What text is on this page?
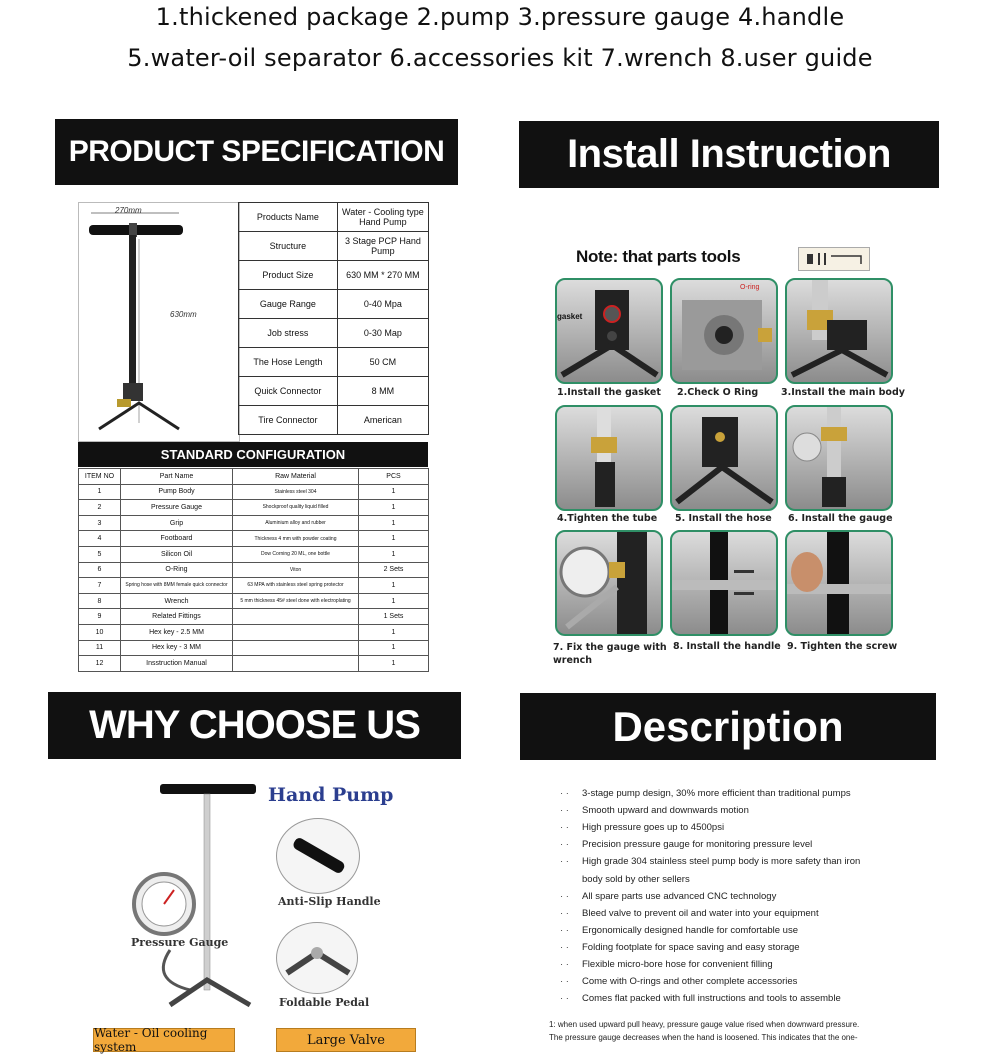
1.thickened package 2.pump 3.pressure gauge 4.handle
5.water-oil separator 6.accessories kit 7.wrench 8.user guide
PRODUCT SPECIFICATION
270mm
630mm
Products Name	Water - Cooling type Hand Pump
Structure	3 Stage PCP Hand Pump
Product Size	630 MM * 270 MM
Gauge Range	0-40 Mpa
Job stress	0-30 Map
The Hose Length	50 CM
Quick Connector	8 MM
Tire Connector	American
STANDARD CONFIGURATION
ITEM NO	Part Name	Raw Material	PCS
1	Pump Body	Stainless steel 304	1
2	Pressure Gauge	Shockproof quality liquid filled	1
3	Grip	Aluminium alloy and rubber	1
4	Footboard	Thickness 4 mm with powder coating	1
5	Silicon Oil	Dow Corning 20 ML, one bottle	1
6	O-Ring	Viton	2 Sets
7	Spring hose with 8MM female quick connector	63 MPA with stainless steel spring protector	1
8	Wrench	5 mm thickness 45# steel done with electroplating	1
9	Related Fittings		1 Sets
10	Hex key - 2.5 MM		1
11	Hex key - 3 MM		1
12	Insstruction Manual		1
Install Instruction
Note: that parts tools
gasket
O-ring
1.Install the gasket 2.Check O Ring 3.Install the main body
4.Tighten the tube 5. Install the hose 6. Install the gauge
7. Fix the gauge with wrench
8. Install the handle 9. Tighten the screw
WHY CHOOSE US
Hand Pump
Anti-Slip Handle
Pressure Gauge
Foldable Pedal
Water - Oil cooling system	Large Valve
Description
· · 3-stage pump design, 30% more efficient than traditional pumps
· · Smooth upward and downwards motion
· · High pressure goes up to 4500psi
· · Precision pressure gauge for monitoring pressure level
· · High grade 304 stainless steel pump body is more safety than iron
body sold by other sellers
· · All spare parts use advanced CNC technology
· · Bleed valve to prevent oil and water into your equipment
· · Ergonomically designed handle for comfortable use
· · Folding footplate for space saving and easy storage
· · Flexible micro-bore hose for convenient filling
· · Come with O-rings and other complete accessories
· · Comes flat packed with full instructions and tools to assemble
1: when used upward pull heavy, pressure gauge value rised when downward pressure.
The pressure gauge decreases when the hand is loosened. This indicates that the one-
